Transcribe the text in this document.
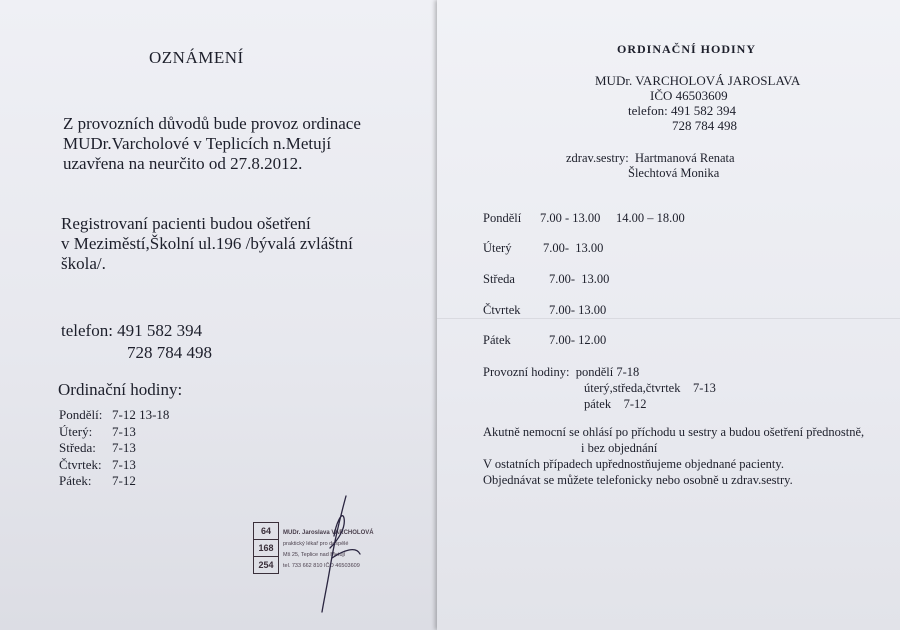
OZNÁMENÍ
Z provozních důvodů bude provoz ordinace
MUDr.Varcholové v Teplicích n.Metují
uzavřena na neurčito od 27.8.2012.
Registrovaní pacienti budou ošetření
v Meziměstí,Školní ul.196 /bývalá zvláštní
škola/.
telefon: 491 582 394
728 784 498
Ordinační hodiny:
Pondělí: 7-12 13-18
Úterý: 7-13
Středa: 7-13
Čtvrtek: 7-13
Pátek: 7-12
64
168
254
MUDr. Jaroslava VARCHOLOVÁ
praktický lékař pro dospělé
Mš 25, Teplice nad Metují
tel. 733 662 810 IČO 46503609
ORDINAČNÍ HODINY
MUDr. VARCHOLOVÁ JAROSLAVA
IČO 46503609
telefon: 491 582 394
728 784 498
zdrav.sestry: Hartmanová Renata
Šlechtová Monika
Pondělí 7.00 - 13.00     14.00 – 18.00
Úterý	7.00-  13.00
Středa	7.00-  13.00
Čtvrtek 7.00- 13.00
Pátek	7.00- 12.00
Provozní hodiny: pondělí 7-18
úterý,středa,čtvrtek    7-13
pátek    7-12
Akutně nemocní se ohlásí po příchodu u sestry a budou ošetření přednostně,
i bez objednání
V ostatních případech upřednostňujeme objednané pacienty.
Objednávat se můžete telefonicky nebo osobně u zdrav.sestry.
